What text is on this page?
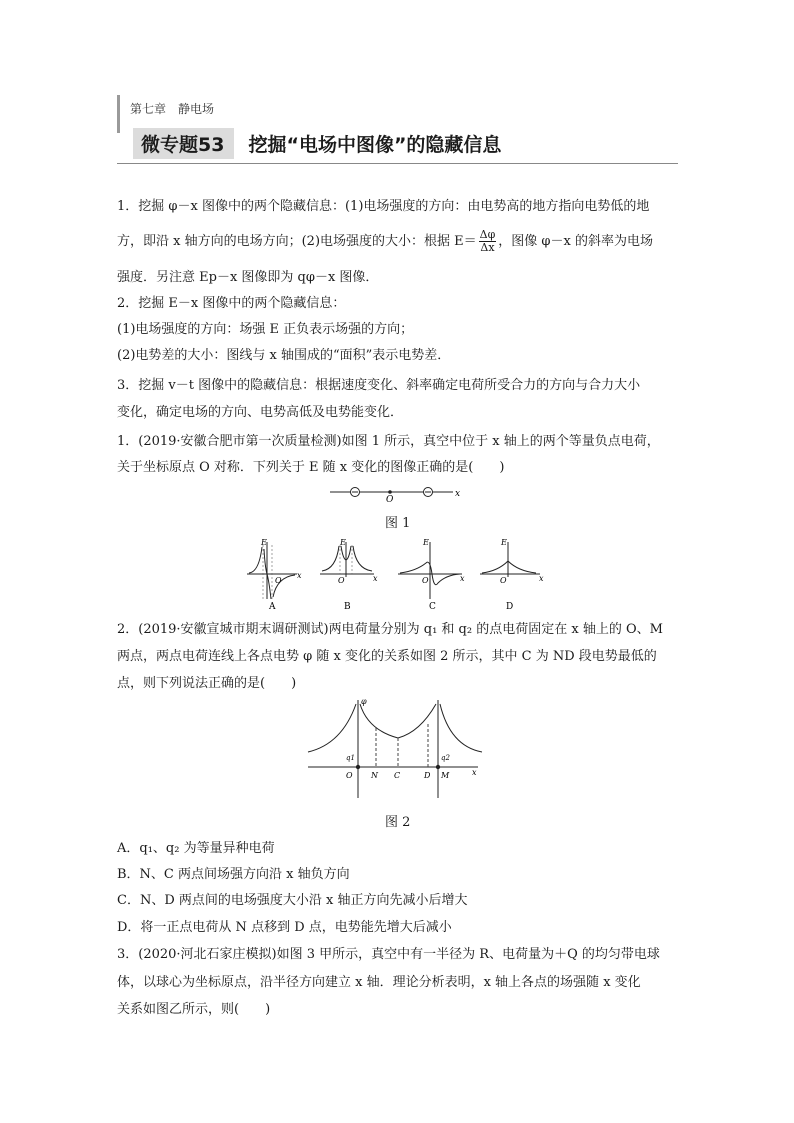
第七章　静电场
微专题53	挖掘“电场中图像”的隐藏信息
1．挖掘 φ－x 图像中的两个隐藏信息：(1)电场强度的方向：由电势高的地方指向电势低的地
方，即沿 x 轴方向的电场方向；(2)电场强度的大小：根据 $E= \frac{\Delta\varphi}{\Delta x}$ ，图像 φ－x 的斜率为电场
强度．另注意 Ep－x 图像即为 qφ－x 图像．
2．挖掘 E－x 图像中的两个隐藏信息：
(1)电场强度的方向：场强 E 正负表示场强的方向；
(2)电势差的大小：图线与 x 轴围成的“面积”表示电势差．
3．挖掘 v－t 图像中的隐藏信息：根据速度变化、斜率确定电荷所受合力的方向与合力大小
变化，确定电场的方向、电势高低及电势能变化．
1．(2019·安徽合肥市第一次质量检测)如图 1 所示，真空中位于 x 轴上的两个等量负点电荷，
关于坐标原点 O 对称．下列关于 E 随 x 变化的图像正确的是(　　)
O
x
图 1
E
O
x
A
E
O	x
B
E
O	x
C
E
O	x
D
2．(2019·安徽宣城市期末调研测试)两电荷量分别为 q₁ 和 q₂ 的点电荷固定在 x 轴上的 O、M
两点，两点电荷连线上各点电势 φ 随 x 变化的关系如图 2 所示，其中 C 为 ND 段电势最低的
点，则下列说法正确的是(　　)
φ
q1	q2
O N C	D M	x
图 2
A．q₁、q₂ 为等量异种电荷
B．N、C 两点间场强方向沿 x 轴负方向
C．N、D 两点间的电场强度大小沿 x 轴正方向先减小后增大
D．将一正点电荷从 N 点移到 D 点，电势能先增大后减小
3．(2020·河北石家庄模拟)如图 3 甲所示，真空中有一半径为 R、电荷量为＋Q 的均匀带电球
体，以球心为坐标原点，沿半径方向建立 x 轴．理论分析表明，x 轴上各点的场强随 x 变化
关系如图乙所示，则(　　)
